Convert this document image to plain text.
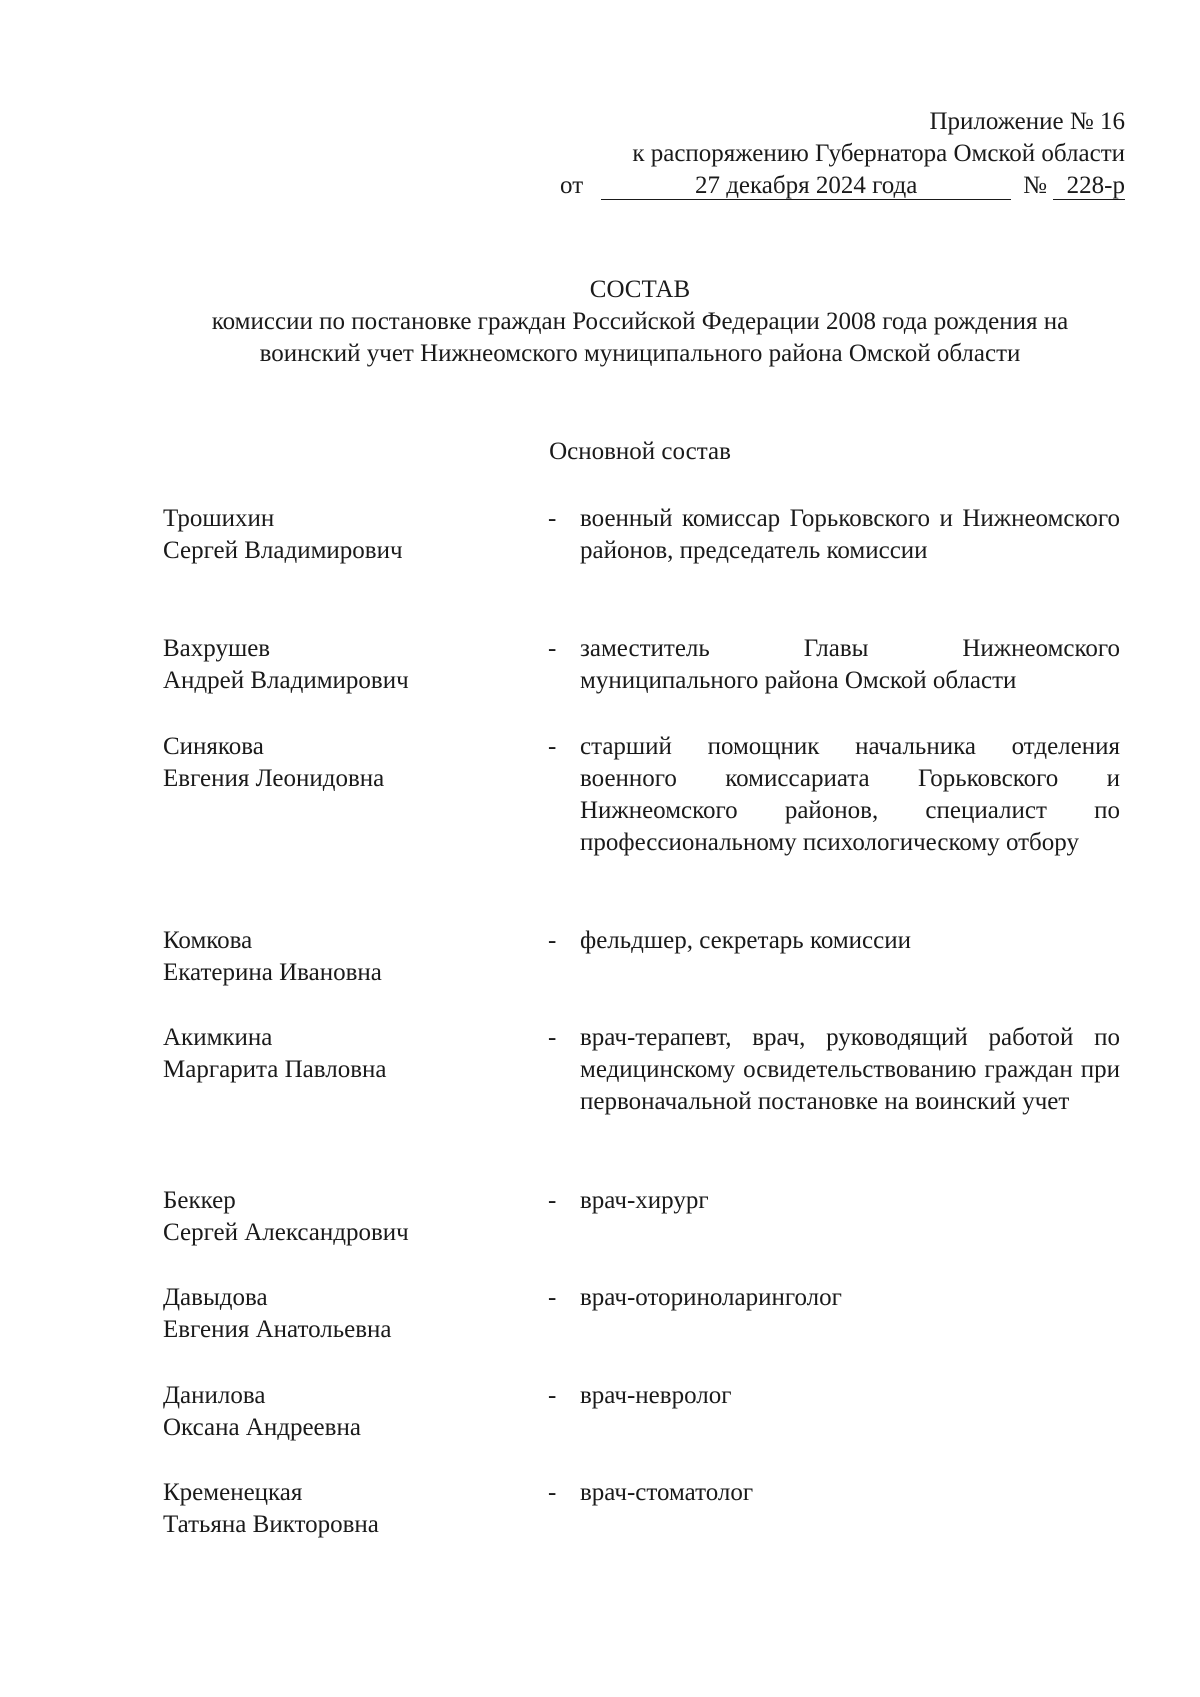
Приложение № 16
к распоряжению Губернатора Омской области
от	27 декабря 2024 года	№ 228-р
СОСТАВ
комиссии по постановке граждан Российской Федерации 2008 года рождения на воинский учет Нижнеомского муниципального района Омской области
Основной состав
Трошихин
Сергей Владимирович
- военный комиссар Горьковского и Нижнеомского районов, председатель комиссии
Вахрушев
Андрей Владимирович
- заместитель Главы Нижнеомского муниципального района Омской области
Синякова
Евгения Леонидовна
- старший помощник начальника отделения военного комиссариата Горьковского и Нижнеомского районов, специалист по профессиональному психологическому отбору
Комкова
Екатерина Ивановна
- фельдшер, секретарь комиссии
Акимкина
Маргарита Павловна
- врач-терапевт, врач, руководящий работой по медицинскому освидетельствованию граждан при первоначальной постановке на воинский учет
Беккер
Сергей Александрович
- врач-хирург
Давыдова
Евгения Анатольевна
- врач-оториноларинголог
Данилова
Оксана Андреевна
- врач-невролог
Кременецкая
Татьяна Викторовна
- врач-стоматолог
